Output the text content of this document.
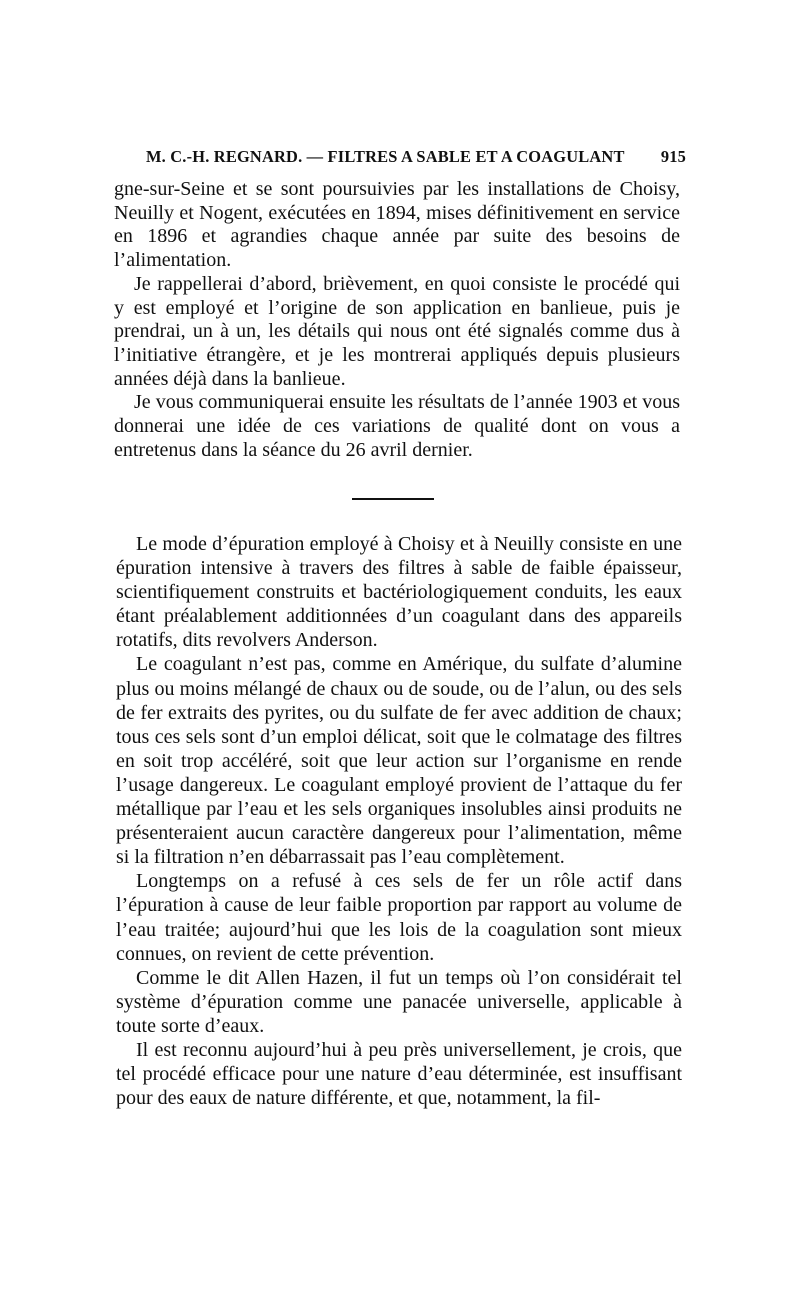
M. C.-H. REGNARD. — FILTRES A SABLE ET A COAGULANT 915

gne-sur-Seine et se sont poursuivies par les installations de Choisy, Neuilly et Nogent, exécutées en 1894, mises définitivement en service en 1896 et agrandies chaque année par suite des besoins de l’alimentation.

Je rappellerai d’abord, brièvement, en quoi consiste le procédé qui y est employé et l’origine de son application en banlieue, puis je prendrai, un à un, les détails qui nous ont été signalés comme dus à l’initiative étrangère, et je les montrerai appliqués depuis plusieurs années déjà dans la banlieue.

Je vous communiquerai ensuite les résultats de l’année 1903 et vous donnerai une idée de ces variations de qualité dont on vous a entretenus dans la séance du 26 avril dernier.

Le mode d’épuration employé à Choisy et à Neuilly consiste en une épuration intensive à travers des filtres à sable de faible épaisseur, scientifiquement construits et bactériologiquement conduits, les eaux étant préalablement additionnées d’un coagulant dans des appareils rotatifs, dits revolvers Anderson.

Le coagulant n’est pas, comme en Amérique, du sulfate d’alumine plus ou moins mélangé de chaux ou de soude, ou de l’alun, ou des sels de fer extraits des pyrites, ou du sulfate de fer avec addition de chaux; tous ces sels sont d’un emploi délicat, soit que le colmatage des filtres en soit trop accéléré, soit que leur action sur l’organisme en rende l’usage dangereux. Le coagulant employé provient de l’attaque du fer métallique par l’eau et les sels organiques insolubles ainsi produits ne présenteraient aucun caractère dangereux pour l’alimentation, même si la filtration n’en débarrassait pas l’eau complètement.

Longtemps on a refusé à ces sels de fer un rôle actif dans l’épuration à cause de leur faible proportion par rapport au volume de l’eau traitée; aujourd’hui que les lois de la coagulation sont mieux connues, on revient de cette prévention.

Comme le dit Allen Hazen, il fut un temps où l’on considérait tel système d’épuration comme une panacée universelle, applicable à toute sorte d’eaux.

Il est reconnu aujourd’hui à peu près universellement, je crois, que tel procédé efficace pour une nature d’eau déterminée, est insuffisant pour des eaux de nature différente, et que, notamment, la fil-
